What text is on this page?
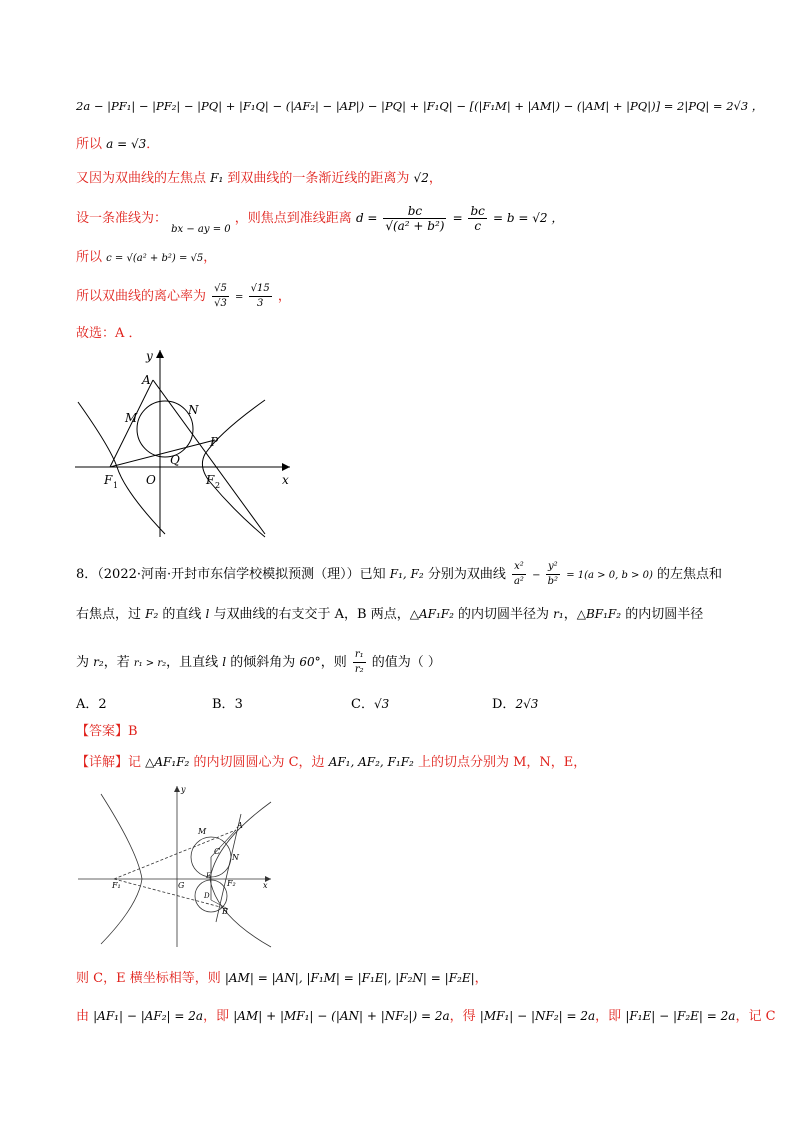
2a − |PF₁| − |PF₂| − |PQ| + |F₁Q| − (|AF₂| − |AP|) − |PQ| + |F₁Q| − [(|F₁M| + |AM|) − (|AM| + |PQ|)] = 2|PQ| = 2√3 ，
所以 a = √3．
又因为双曲线的左焦点 F₁ 到双曲线的一条渐近线的距离为 √2，
设一条准线为： $_{bx - ay = 0}$ ，则焦点到准线距离 $d = \frac{bc}{\text{√(a² + b²)}} = \frac{bc}{c} = b = √2$ ，
所以 c = √(a² + b²) = √5，
所以双曲线的离心率为 $\frac{√5}{√3} = \frac{√15}{3}$ ，
故选：A ．
y
A
M
N
P
Q
F 1 O	F 2	x
8．（2022·河南·开封市东信学校模拟预测（理））已知 F₁, F₂ 分别为双曲线 $\frac{\text{x²}}{\text{a²}} - \frac{\text{y²}}{\text{b²}} = 1(a > 0$, b > 0) 的左焦点和
右焦点，过 F₂ 的直线 l 与双曲线的右支交于 A，B 两点，△AF₁F₂ 的内切圆半径为 r₁，△BF₁F₂ 的内切圆半径
为 r₂，若 r₁ > r₂，且直线 l 的倾斜角为 60°，则 $\frac{\text{r₁}}{\text{r₂}}$ 的值为（ ）
A．2	B．3	C．√3	D．2√3
【答案】B
【详解】记 △AF₁F₂ 的内切圆圆心为 C，边 AF₁, AF₂, F₁F₂ 上的切点分别为 M，N，E，
y
M
A
C
N
F₁	G
E
F₂	x
D
B
则 C，E 横坐标相等，则 |AM| = |AN|, |F₁M| = |F₁E|, |F₂N| = |F₂E|，
由 |AF₁| − |AF₂| = 2a，即 |AM| + |MF₁| − (|AN| + |NF₂|) = 2a，得 |MF₁| − |NF₂| = 2a，即 |F₁E| − |F₂E| = 2a，记 C
